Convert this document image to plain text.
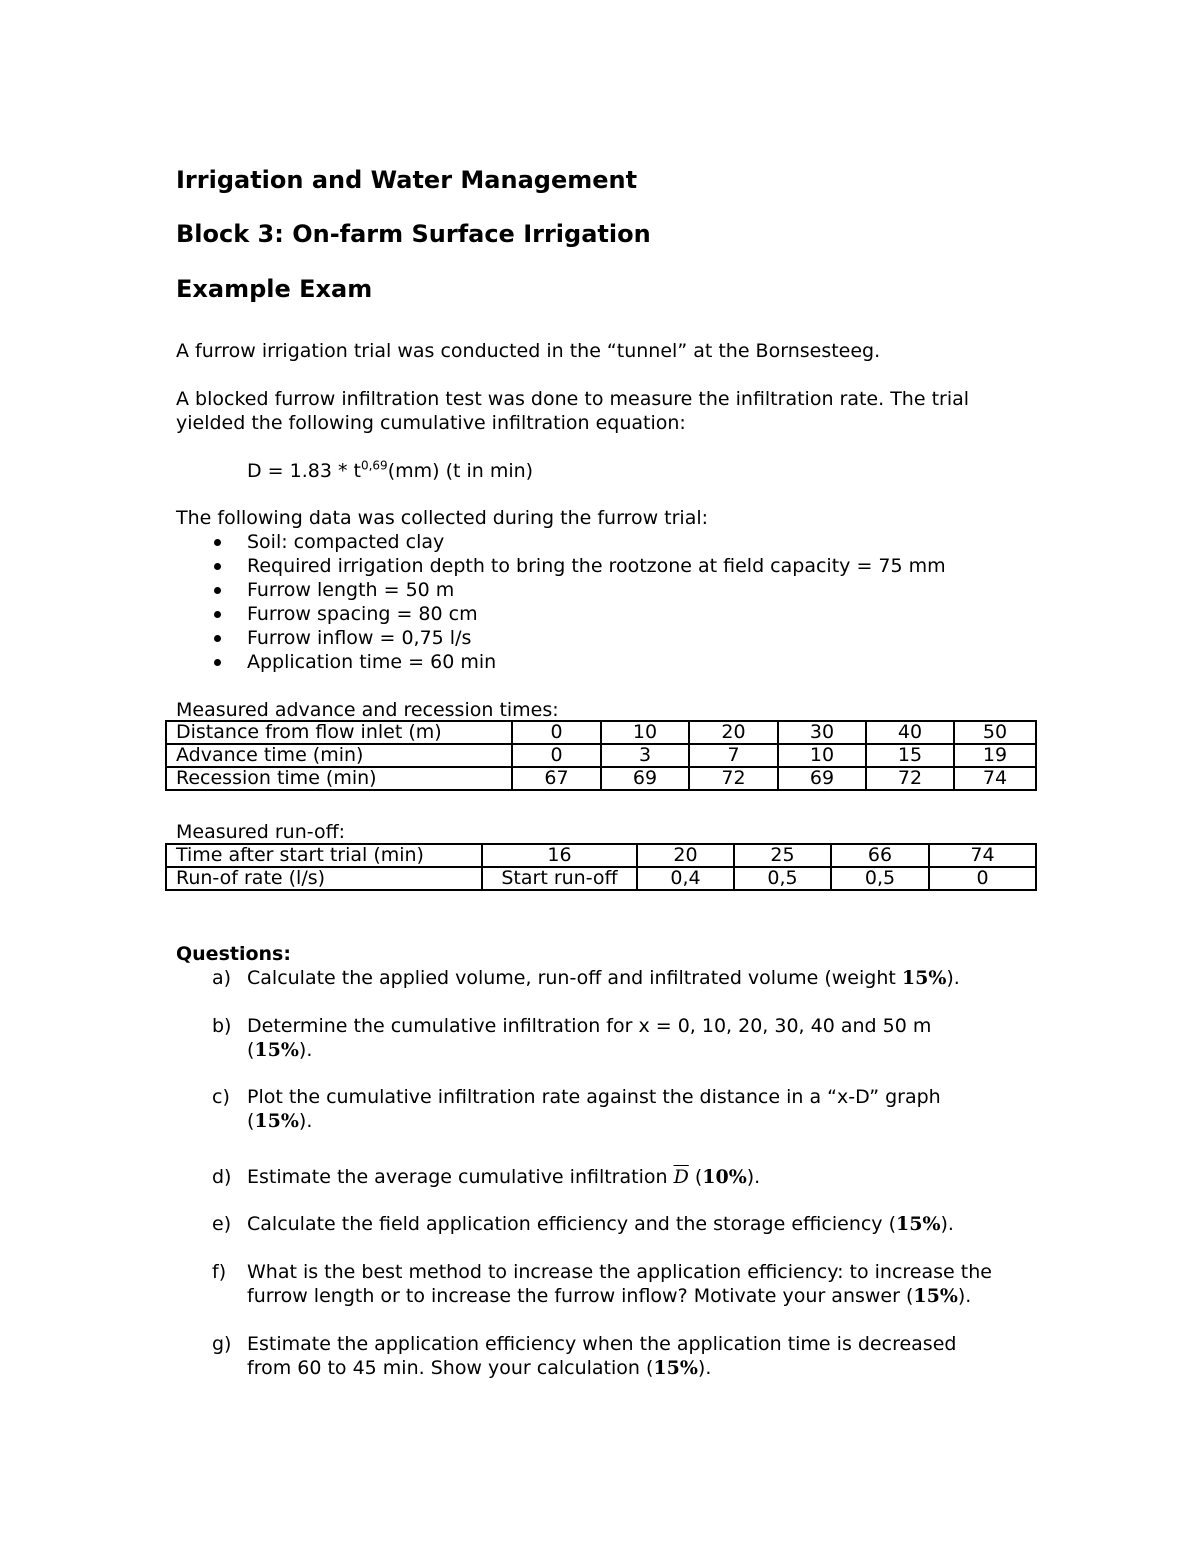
Irrigation and Water Management
Block 3: On-farm Surface Irrigation
Example Exam
A furrow irrigation trial was conducted in the “tunnel” at the Bornsesteeg.
A blocked furrow infiltration test was done to measure the infiltration rate. The trial
yielded the following cumulative infiltration equation:
$D = 1.83 * t^{0,69}(mm)$ (t in min)
The following data was collected during the furrow trial:
Soil: compacted clay
Required irrigation depth to bring the rootzone at field capacity = 75 mm
Furrow length = 50 m
Furrow spacing = 80 cm
Furrow inflow = 0,75 l/s
Application time = 60 min
Measured advance and recession times:
Distance from flow inlet (m)	0	10	20	30	40	50
Advance time (min)	0	3	7	10	15	19
Recession time (min)	67	69	72	69	72	74
Measured run-off:
Time after start trial (min)	16	20	25	66	74
Run-of rate (l/s)	Start run-off	0,4	0,5	0,5	0
Questions:
a) Calculate the applied volume, run-off and infiltrated volume (weight 15%).
b) Determine the cumulative infiltration for x = 0, 10, 20, 30, 40 and 50 m
(15%).
c) Plot the cumulative infiltration rate against the distance in a “x-D” graph
(15%).
d) Estimate the average cumulative infiltration $\overline{D}$ (10%).
e) Calculate the field application efficiency and the storage efficiency (15%).
f) What is the best method to increase the application efficiency: to increase the
furrow length or to increase the furrow inflow? Motivate your answer (15%).
g) Estimate the application efficiency when the application time is decreased
from 60 to 45 min. Show your calculation (15%).
